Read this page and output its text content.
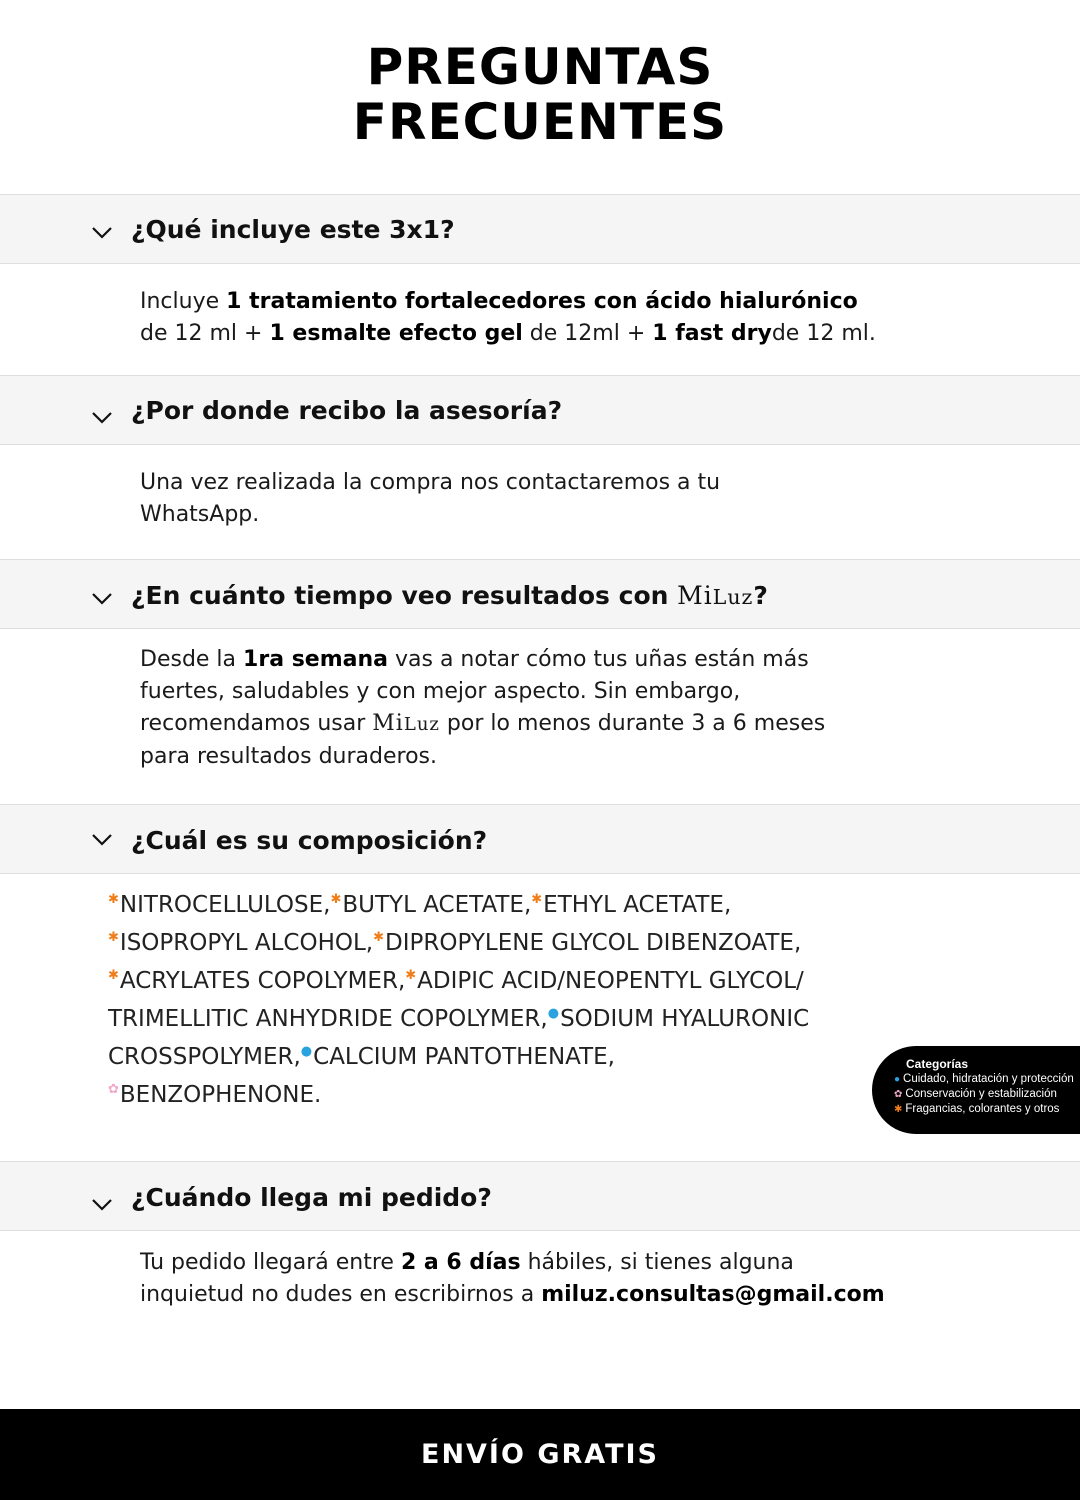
PREGUNTAS
FRECUENTES
¿Qué incluye este 3x1?
Incluye 1 tratamiento fortalecedores con ácido hialurónico
de 12 ml + 1 esmalte efecto gel de 12ml + 1 fast dryde 12 ml.
¿Por donde recibo la asesoría?
Una vez realizada la compra nos contactaremos a tu WhatsApp.
¿En cuánto tiempo veo resultados con MiLuz?
Desde la 1ra semana vas a notar cómo tus uñas están más fuertes, saludables y con mejor aspecto. Sin embargo, recomendamos usar MiLuz por lo menos durante 3 a 6 meses para resultados duraderos.
¿Cuál es su composición?
✱NITROCELLULOSE,✱BUTYL ACETATE,✱ETHYL ACETATE,
✱ISOPROPYL ALCOHOL,✱DIPROPYLENE GLYCOL DIBENZOATE,
✱ACRYLATES COPOLYMER,✱ADIPIC ACID/NEOPENTYL GLYCOL/ TRIMELLITIC ANHYDRIDE COPOLYMER,●SODIUM HYALURONIC CROSSPOLYMER,●CALCIUM PANTOTHENATE,
✿BENZOPHENONE.
Categorías
● Cuidado, hidratación y protección
✿ Conservación y estabilización
✱ Fragancias, colorantes y otros
¿Cuándo llega mi pedido?
Tu pedido llegará entre 2 a 6 días hábiles, si tienes alguna inquietud no dudes en escribirnos a miluz.consultas@gmail.com
ENVÍO GRATIS
